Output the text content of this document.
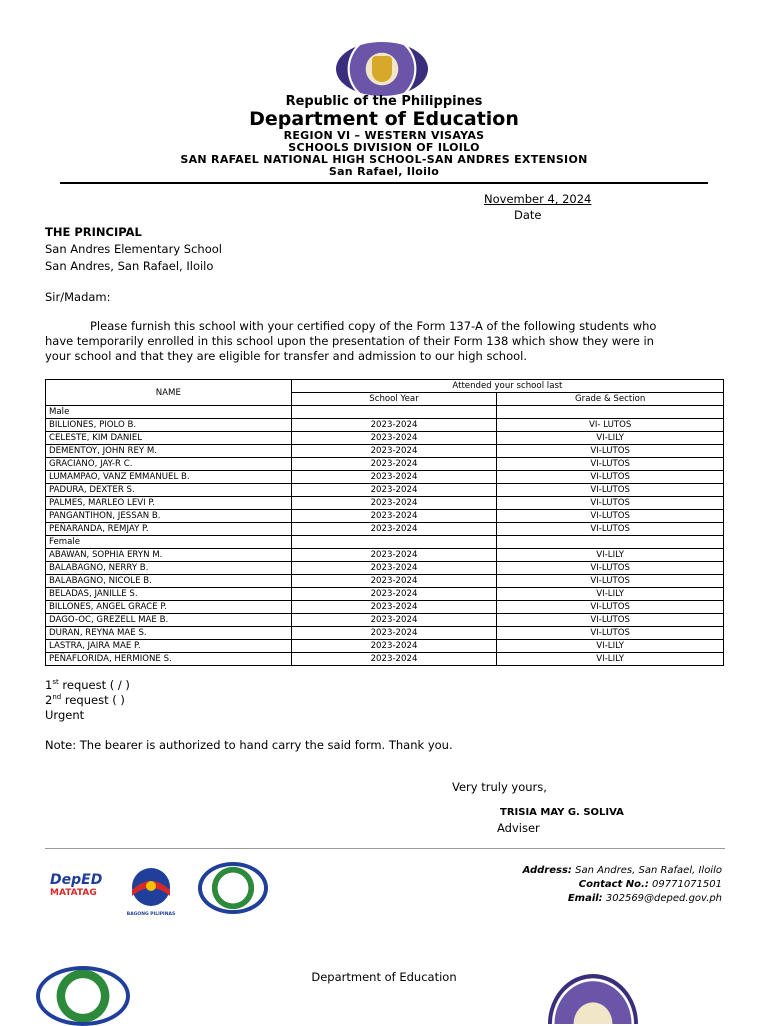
Republic of the Philippines
Department of Education
REGION VI – WESTERN VISAYAS
SCHOOLS DIVISION OF ILOILO
SAN RAFAEL NATIONAL HIGH SCHOOL-SAN ANDRES EXTENSION
San Rafael, Iloilo
November 4, 2024
Date
THE PRINCIPAL
San Andres Elementary School
San Andres, San Rafael, Iloilo
Sir/Madam:
Please furnish this school with your certified copy of the Form 137-A of the following students who
have temporarily enrolled in this school upon the presentation of their Form 138 which show they were in
your school and that they are eligible for transfer and admission to our high school.
NAME	Attended your school last	
	School Year	Grade & Section
Male		
BILLIONES, PIOLO B.	2023-2024	VI- LUTOS
CELESTE, KIM DANIEL	2023-2024	VI-LILY
DEMENTOY, JOHN REY M.	2023-2024	VI-LUTOS
GRACIANO, JAY-R C.	2023-2024	VI-LUTOS
LUMAMPAO, VANZ EMMANUEL B.	2023-2024	VI-LUTOS
PADURA, DEXTER S.	2023-2024	VI-LUTOS
PALMES, MARLEO LEVI P.	2023-2024	VI-LUTOS
PANGANTIHON, JESSAN B.	2023-2024	VI-LUTOS
PEÑARANDA, REMJAY P.	2023-2024	VI-LUTOS
Female		
ABAWAN, SOPHIA ERYN M.	2023-2024	VI-LILY
BALABAGNO, NERRY B.	2023-2024	VI-LUTOS
BALABAGNO, NICOLE B.	2023-2024	VI-LUTOS
BELADAS, JANILLE S.	2023-2024	VI-LILY
BILLONES, ANGEL GRACE P.	2023-2024	VI-LUTOS
DAGO-OC, GREZELL MAE B.	2023-2024	VI-LUTOS
DURAN, REYNA MAE S.	2023-2024	VI-LUTOS
LASTRA, JAIRA MAE P.	2023-2024	VI-LILY
PEÑAFLORIDA, HERMIONE S.	2023-2024	VI-LILY
1st request ( / )
2nd request ( )
Urgent
Note: The bearer is authorized to hand carry the said form. Thank you.
Very truly yours,
TRISIA MAY G. SOLIVA
Adviser
DepED
MATATAG
BAGONG PILIPINAS
Address: San Andres, San Rafael, Iloilo
Contact No.: 09771071501
Email: 302569@deped.gov.ph
Department of Education
